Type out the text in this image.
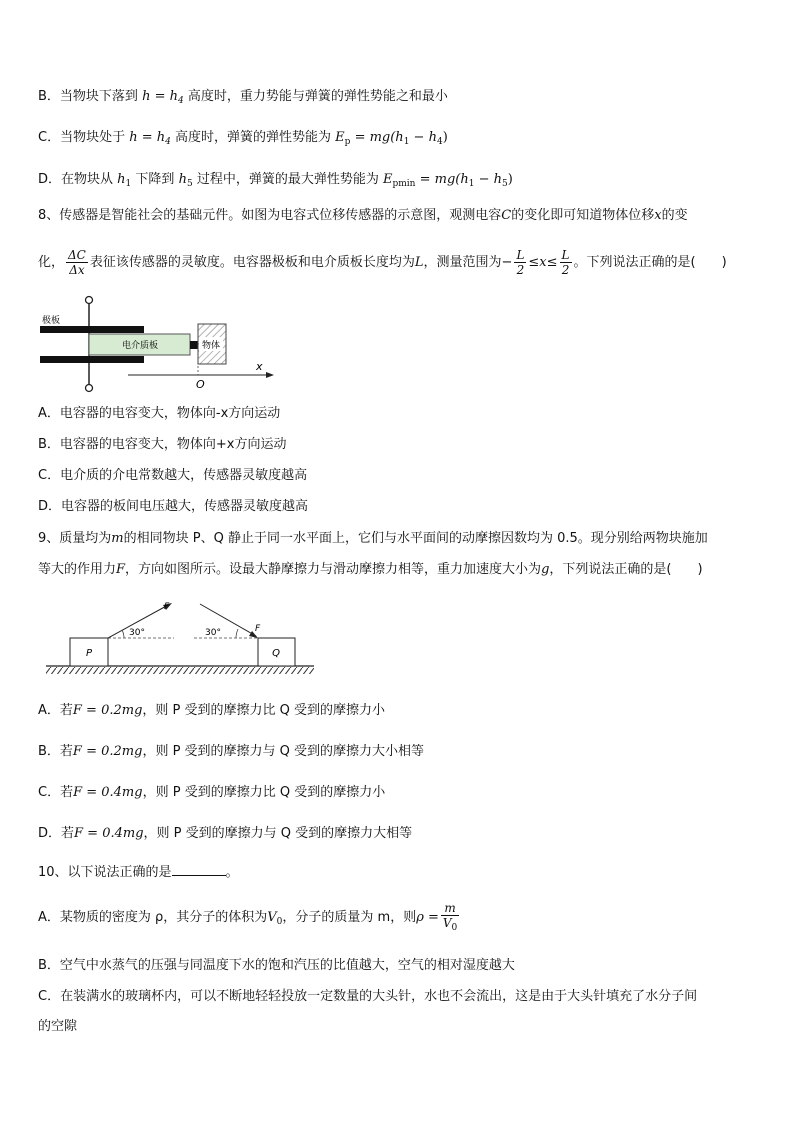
B．当物块下落到 $h = h_4$ 高度时，重力势能与弹簧的弹性势能之和最小
C．当物块处于 $h = h_4$ 高度时，弹簧的弹性势能为 $E_p = mg(h_1 - h_4)$
D．在物块从 $h_1$ 下降到 $h_5$ 过程中，弹簧的最大弹性势能为 $E_{pmin} = mg(h_1 - h_5)$
8、传感器是智能社会的基础元件。如图为电容式位移传感器的示意图，观测电容C的变化即可知道物体位移x的变
化， $\frac{\Delta C}{\Delta x}$ 表征该传感器的灵敏度。电容器极板和电介质板长度均为L，测量范围为− $\frac{L}{2} \le x\le \frac{L}{2}$ 。下列说法正确的是(　　)
物体
极板
电介质板
x
O
A．电容器的电容变大，物体向-x方向运动
B．电容器的电容变大，物体向+x方向运动
C．电介质的介电常数越大，传感器灵敏度越高
D．电容器的板间电压越大，传感器灵敏度越高
9、质量均为m的相同物块 P、Q 静止于同一水平面上，它们与水平面间的动摩擦因数均为 0.5。现分别给两物块施加
等大的作用力F，方向如图所示。设最大静摩擦力与滑动摩擦力相等，重力加速度大小为g，下列说法正确的是(　　)
P
F
30°
Q
F
30°
A．若F = 0.2mg，则 P 受到的摩擦力比 Q 受到的摩擦力小
B．若F = 0.2mg，则 P 受到的摩擦力与 Q 受到的摩擦力大小相等
C．若F = 0.4mg，则 P 受到的摩擦力比 Q 受到的摩擦力小
D．若F = 0.4mg，则 P 受到的摩擦力与 Q 受到的摩擦力大相等
10、以下说法正确的是	。
A．某物质的密度为 ρ，其分子的体积为$V_0$，分子的质量为 m，则$\rho = \frac{m}{V_0}$
B．空气中水蒸气的压强与同温度下水的饱和汽压的比值越大，空气的相对湿度越大
C．在装满水的玻璃杯内，可以不断地轻轻投放一定数量的大头针，水也不会流出，这是由于大头针填充了水分子间
的空隙
